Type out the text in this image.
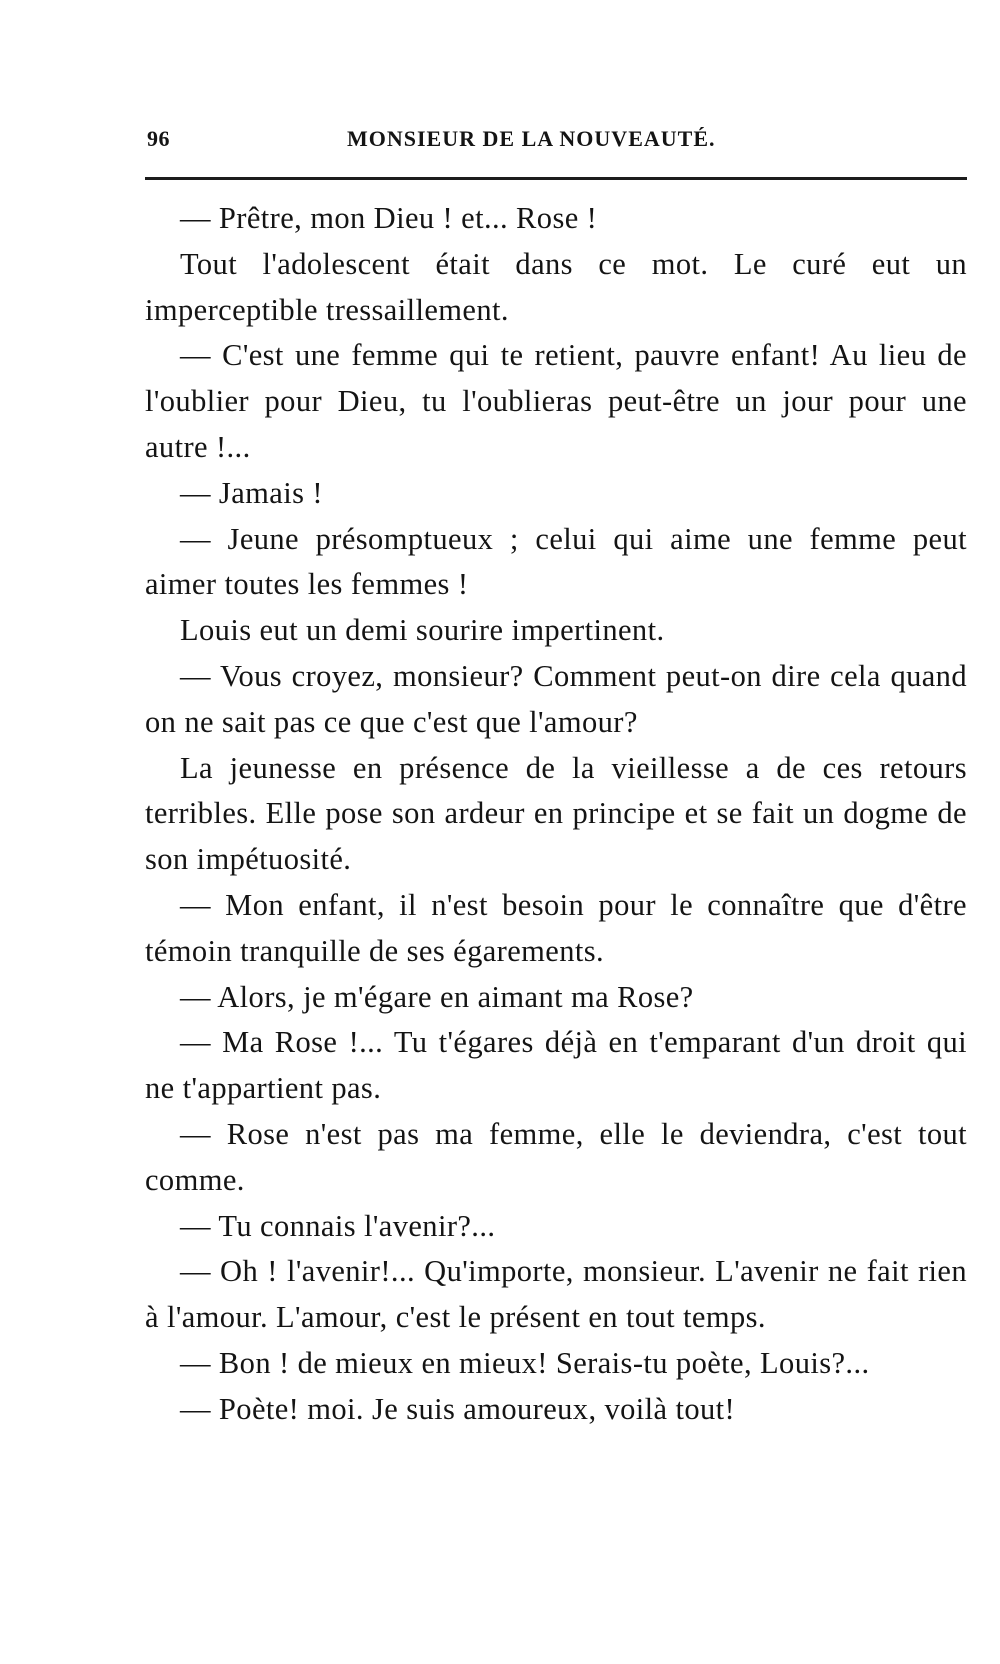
96	MONSIEUR DE LA NOUVEAUTÉ.

— Prêtre, mon Dieu ! et... Rose !

Tout l'adolescent était dans ce mot. Le curé eut un imperceptible tressaillement.

— C'est une femme qui te retient, pauvre enfant! Au lieu de l'oublier pour Dieu, tu l'oublieras peut-être un jour pour une autre !...

— Jamais !

— Jeune présomptueux ; celui qui aime une femme peut aimer toutes les femmes !

Louis eut un demi sourire impertinent.

— Vous croyez, monsieur? Comment peut-on dire cela quand on ne sait pas ce que c'est que l'amour?

La jeunesse en présence de la vieillesse a de ces retours terribles. Elle pose son ardeur en principe et se fait un dogme de son impétuosité.

— Mon enfant, il n'est besoin pour le connaître que d'être témoin tranquille de ses égarements.

— Alors, je m'égare en aimant ma Rose?

— Ma Rose !... Tu t'égares déjà en t'emparant d'un droit qui ne t'appartient pas.

— Rose n'est pas ma femme, elle le deviendra, c'est tout comme.

— Tu connais l'avenir?...

— Oh ! l'avenir!... Qu'importe, monsieur. L'avenir ne fait rien à l'amour. L'amour, c'est le présent en tout temps.

— Bon ! de mieux en mieux! Serais-tu poète, Louis?...

— Poète! moi. Je suis amoureux, voilà tout!
